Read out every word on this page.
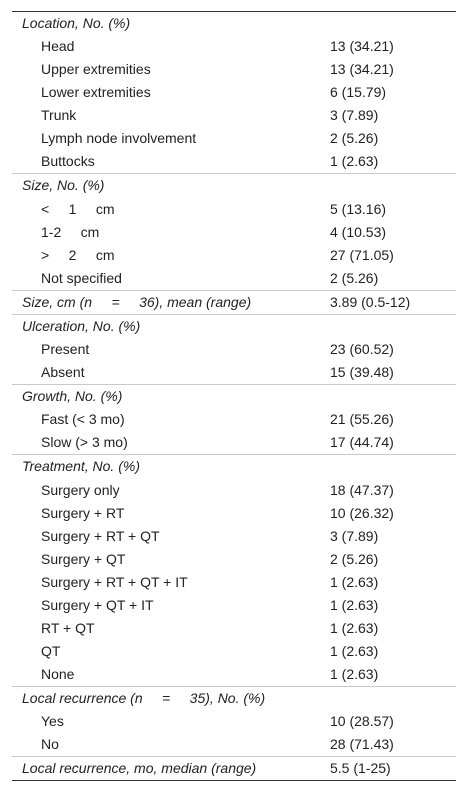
Location, No. (%)	
Head	13 (34.21)
Upper extremities	13 (34.21)
Lower extremities	6 (15.79)
Trunk	3 (7.89)
Lymph node involvement	2 (5.26)
Buttocks	1 (2.63)
Size, No. (%)	
<     1     cm	5 (13.16)
1-2     cm	4 (10.53)
>     2     cm	27 (71.05)
Not specified	2 (5.26)
Size, cm (n     =     36), mean (range)	3.89 (0.5-12)
Ulceration, No. (%)	
Present	23 (60.52)
Absent	15 (39.48)
Growth, No. (%)	
Fast (< 3 mo)	21 (55.26)
Slow (> 3 mo)	17 (44.74)
Treatment, No. (%)	
Surgery only	18 (47.37)
Surgery + RT	10 (26.32)
Surgery + RT + QT	3 (7.89)
Surgery + QT	2 (5.26)
Surgery + RT + QT + IT	1 (2.63)
Surgery + QT + IT	1 (2.63)
RT + QT	1 (2.63)
QT	1 (2.63)
None	1 (2.63)
Local recurrence (n     =     35), No. (%)	
Yes	10 (28.57)
No	28 (71.43)
Local recurrence, mo, median (range)	5.5 (1-25)
